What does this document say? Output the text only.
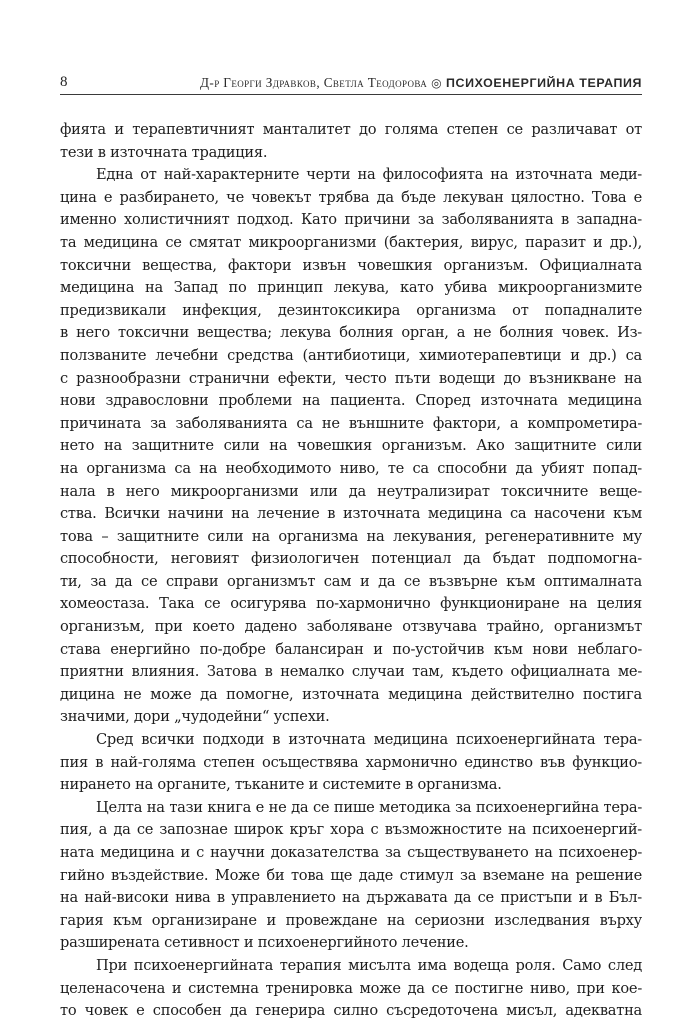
8	Д-р Георги Здравков, Светла Теодорова ◎ ПСИХОЕНЕРГИЙНА ТЕРАПИЯ
фията и терапевтичният манталитет до голяма степен се различават от
тези в източната традиция.
Една от най-характерните черти на философията на източната меди-
цина е разбирането, че човекът трябва да бъде лекуван цялостно. Това е
именно холистичният подход. Като причини за заболяванията в западна-
та медицина се смятат микроорганизми (бактерия, вирус, паразит и др.),
токсични вещества, фактори извън човешкия организъм. Официалната
медицина на Запад по принцип лекува, като убива микроорганизмите
предизвикали инфекция, дезинтоксикира организма от попадналите
в него токсични вещества; лекува болния орган, а не болния човек. Из-
ползваните лечебни средства (антибиотици, химиотерапевтици и др.) са
с разнообразни странични ефекти, често пъти водещи до възникване на
нови здравословни проблеми на пациента. Според източната медицина
причината за заболяванията са не външните фактори, а компрометира-
нето на защитните сили на човешкия организъм. Ако защитните сили
на организма са на необходимото ниво, те са способни да убият попад-
нала в него микроорганизми или да неутрализират токсичните веще-
ства. Всички начини на лечение в източната медицина са насочени към
това – защитните сили на организма на лекувания, регенеративните му
способности, неговият физиологичен потенциал да бъдат подпомогна-
ти, за да се справи организмът сам и да се възвърне към оптималната
хомеостаза. Така се осигурява по-хармонично функциониране на целия
организъм, при което дадено заболяване отзвучава трайно, организмът
става енергийно по-добре балансиран и по-устойчив към нови неблаго-
приятни влияния. Затова в немалко случаи там, където официалната ме-
дицина не може да помогне, източната медицина действително постига
значими, дори „чудодейни“ успехи.
Сред всички подходи в източната медицина психоенергийната тера-
пия в най-голяма степен осъществява хармонично единство във функцио-
нирането на органите, тъканите и системите в организма.
Целта на тази книга е не да се пише методика за психоенергийна тера-
пия, а да се запознае широк кръг хора с възможностите на психоенергий-
ната медицина и с научни доказателства за съществуването на психоенер-
гийно въздействие. Може би това ще даде стимул за вземане на решение
на най-високи нива в управлението на държавата да се пристъпи и в Бъл-
гария към организиране и провеждане на сериозни изследвания върху
разширената сетивност и психоенергийното лечение.
При психоенергийната терапия мисълта има водеща роля. Само след
целенасочена и системна тренировка може да се постигне ниво, при кое-
то човек е способен да генерира силно съсредоточена мисъл, адекватна
